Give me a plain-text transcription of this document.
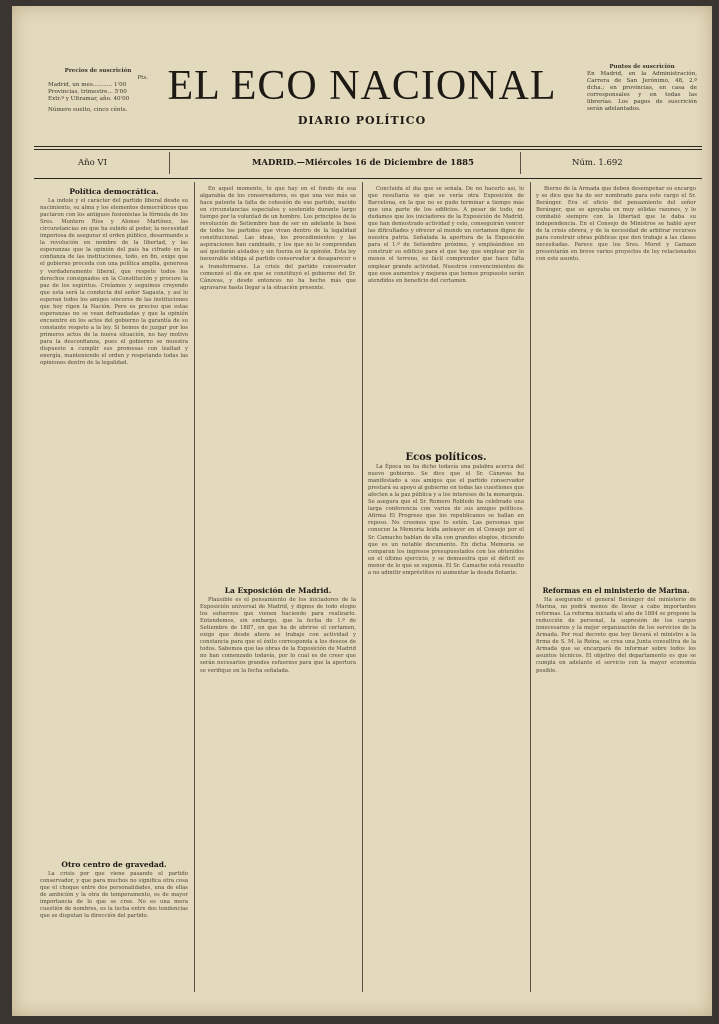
Precios de suscrición
Pts.
Madrid, un mes........... 1'00
Provincias, trimestre... 5'00
Extr.º y Ultramar, año. 40'00
Número suelto, cinco cénts.
EL ECO NACIONAL
DIARIO POLÍTICO
Puntos de suscrición
En Madrid, en la Administración, Carrera de San Jerónimo, 48, 2.º dcha.; en provincias, en casa de corresponsales y en todas las librerías. Los pagos de suscrición serán adelantados.
Año VI	MADRID.—Miércoles 16 de Diciembre de 1885	Núm. 1.692
Política democrática.

La índole y el carácter del partido liberal desde su nacimiento, su alma y los elementos democráticos que pactaron con los antiguos fusionistas la fórmula de los Sres. Montero Ríos y Alonso Martínez, las circunstancias en que ha subido al poder, la necesidad imperiosa de asegurar el orden público, desarmando a la revolución en nombre de la libertad, y las esperanzas que la opinión del país ha cifrado en la confianza de las instituciones, todo, en fin, exige que el gobierno proceda con una política amplia, generosa y verdaderamente liberal, que respete todos los derechos consignados en la Constitución y procure la paz de los espíritus. Creíamos y seguimos creyendo que esta será la conducta del señor Sagasta, y así lo esperan todos los amigos sinceros de las instituciones que hoy rigen la Nación. Pero es preciso que estas esperanzas no se vean defraudadas y que la opinión encuentre en los actos del gobierno la garantía de su constante respeto a la ley. Si hemos de juzgar por los primeros actos de la nueva situación, no hay motivo para la desconfianza, pues el gobierno se muestra dispuesto a cumplir sus promesas con lealtad y energía, manteniendo el orden y respetando todas las opiniones dentro de la legalidad.

Otro centro de gravedad.

La crisis por que viene pasando el partido conservador, y que para muchos no significa otra cosa que el choque entre dos personalidades, una de ellas de ambición y la otra de temperamento, es de mayor importancia de lo que se cree. No es una mera cuestión de nombres, es la lucha entre dos tendencias que se disputan la dirección del partido.

En aquel momento, lo que hay en el fondo de esa algarabía de los conservadores, es que una vez más se hace patente la falta de cohesión de ese partido, nacido en circunstancias especiales y sostenido durante largo tiempo por la voluntad de un hombre. Los principios de la revolución de Setiembre han de ser en adelante la base de todos los partidos que vivan dentro de la legalidad constitucional. Las ideas, los procedimientos y las aspiraciones han cambiado, y los que no lo comprendan así quedarán aislados y sin fuerza en la opinión. Esta ley inexorable obliga al partido conservador a desaparecer o a transformarse. La crisis del partido conservador comenzó el día en que se constituyó el gobierno del Sr. Cánovas, y desde entonces no ha hecho más que agravarse hasta llegar a la situación presente.

La Exposición de Madrid.

Plausible es el pensamiento de los iniciadores de la Exposición universal de Madrid, y dignos de todo elogio los esfuerzos que vienen haciendo para realizarlo. Entendemos, sin embargo, que la fecha de 1.º de Setiembre de 1887, en que ha de abrirse el certamen, exige que desde ahora se trabaje con actividad y constancia para que el éxito corresponda a los deseos de todos. Sabemos que las obras de la Exposición de Madrid no han comenzado todavía, por lo cual es de creer que serán necesarios grandes esfuerzos para que la apertura se verifique en la fecha señalada.

Concluida el día que se señala. De no hacerlo así, lo que resultaría es que se vería otra Exposición de Barcelona, en la que no se pudo terminar a tiempo más que una parte de los edificios. A pesar de todo, no dudamos que los iniciadores de la Exposición de Madrid, que han demostrado actividad y celo, conseguirán vencer las dificultades y ofrecer al mundo un certamen digno de nuestra patria. Señalada la apertura de la Exposición para el 1.º de Setiembre próximo, y empleándose en construir su edificio para el que hay que emplear por lo menos el terreno, es fácil comprender que hace falta emplear grande actividad. Nuestros convencimientos de que esos aumentos y mejoras que hemos propuesto serán atendidos en beneficio del certamen.

Ecos políticos.

La Época no ha dicho todavía una palabra acerca del nuevo gobierno. Se dice que el Sr. Cánovas ha manifestado a sus amigos que el partido conservador prestará su apoyo al gobierno en todas las cuestiones que afecten a la paz pública y a los intereses de la monarquía. Se asegura que el Sr. Romero Robledo ha celebrado una larga conferencia con varios de sus amigos políticos. Afirma El Progreso que los republicanos se hallan en reposo. No creemos que lo estén. Las personas que conocen la Memoria leída anteayer en el Consejo por el Sr. Camacho hablan de ella con grandes elogios, diciendo que es un notable documento. En dicha Memoria se comparan los ingresos presupuestados con los obtenidos en el último ejercicio, y se demuestra que el déficit es menor de lo que se suponía. El Sr. Camacho está resuelto a no admitir empréstitos ni aumentar la deuda flotante.

Bierno de la Armada que deben desempeñar su encargo y se dice que ha de ser nombrado para este cargo el Sr. Beránger. Era el oficio del pensamiento del señor Beránger, que se apoyaba en muy sólidas razones, y lo combatió siempre con la libertad que le daba su independencia. En el Consejo de Ministros se habló ayer de la crisis obrera, y de la necesidad de arbitrar recursos para construir obras públicas que den trabajo a las clases necesitadas. Parece que los Sres. Moret y Gamazo presentarán en breve varios proyectos de ley relacionados con este asunto.

Reformas en el ministerio de Marina.

Ha asegurado el general Beránger del ministerio de Marina, no podrá menos de llevar a cabo importantes reformas. La reforma iniciada el año de 1884 se propone la reducción de personal, la supresión de los cargos innecesarios y la mejor organización de los servicios de la Armada. Por real decreto que hoy llevará el ministro a la firma de S. M. la Reina, se crea una Junta consultiva de la Armada que se encargará de informar sobre todos los asuntos técnicos. El objetivo del departamento es que se cumpla en adelante el servicio con la mayor economía posible.
